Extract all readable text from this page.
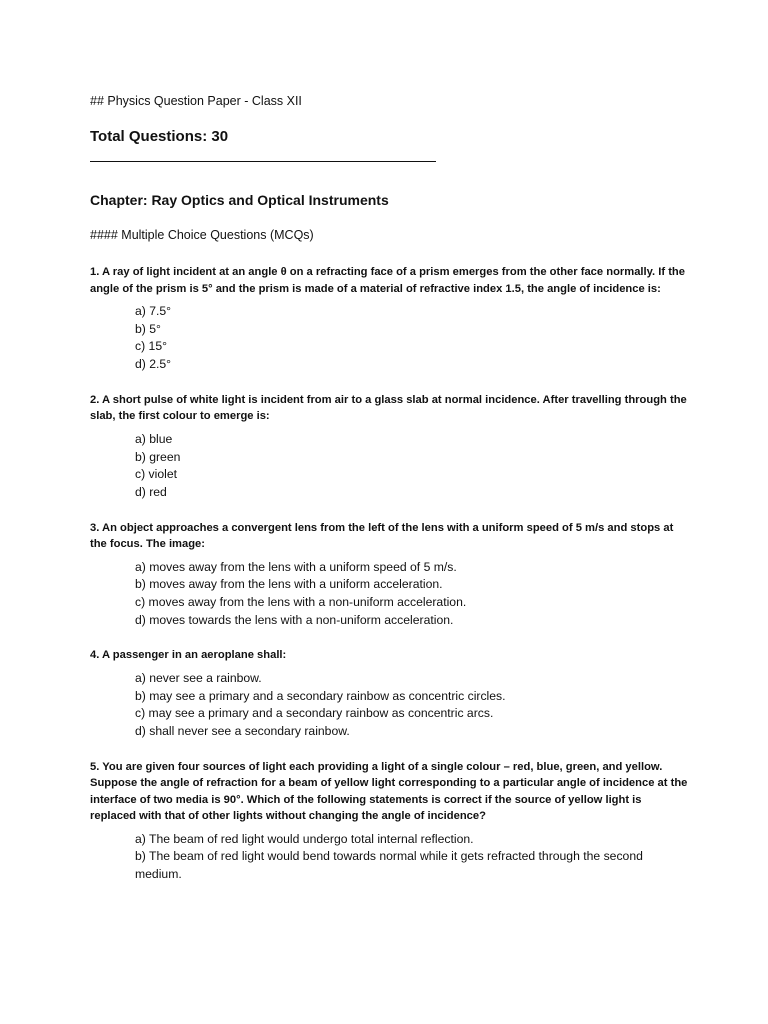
## Physics Question Paper - Class XII
Total Questions: 30
Chapter: Ray Optics and Optical Instruments
#### Multiple Choice Questions (MCQs)

1. A ray of light incident at an angle θ on a refracting face of a prism emerges from the other face normally. If the angle of the prism is 5° and the prism is made of a material of refractive index 1.5, the angle of incidence is:

a) 7.5°
b) 5°
c) 15°
d) 2.5°

2. A short pulse of white light is incident from air to a glass slab at normal incidence. After travelling through the slab, the first colour to emerge is:

a) blue
b) green
c) violet
d) red

3. An object approaches a convergent lens from the left of the lens with a uniform speed of 5 m/s and stops at the focus. The image:

a) moves away from the lens with a uniform speed of 5 m/s.
b) moves away from the lens with a uniform acceleration.
c) moves away from the lens with a non-uniform acceleration.
d) moves towards the lens with a non-uniform acceleration.

4. A passenger in an aeroplane shall:

a) never see a rainbow.
b) may see a primary and a secondary rainbow as concentric circles.
c) may see a primary and a secondary rainbow as concentric arcs.
d) shall never see a secondary rainbow.

5. You are given four sources of light each providing a light of a single colour – red, blue, green, and yellow. Suppose the angle of refraction for a beam of yellow light corresponding to a particular angle of incidence at the interface of two media is 90°. Which of the following statements is correct if the source of yellow light is replaced with that of other lights without changing the angle of incidence?

a) The beam of red light would undergo total internal reflection.
b) The beam of red light would bend towards normal while it gets refracted through the second medium.
